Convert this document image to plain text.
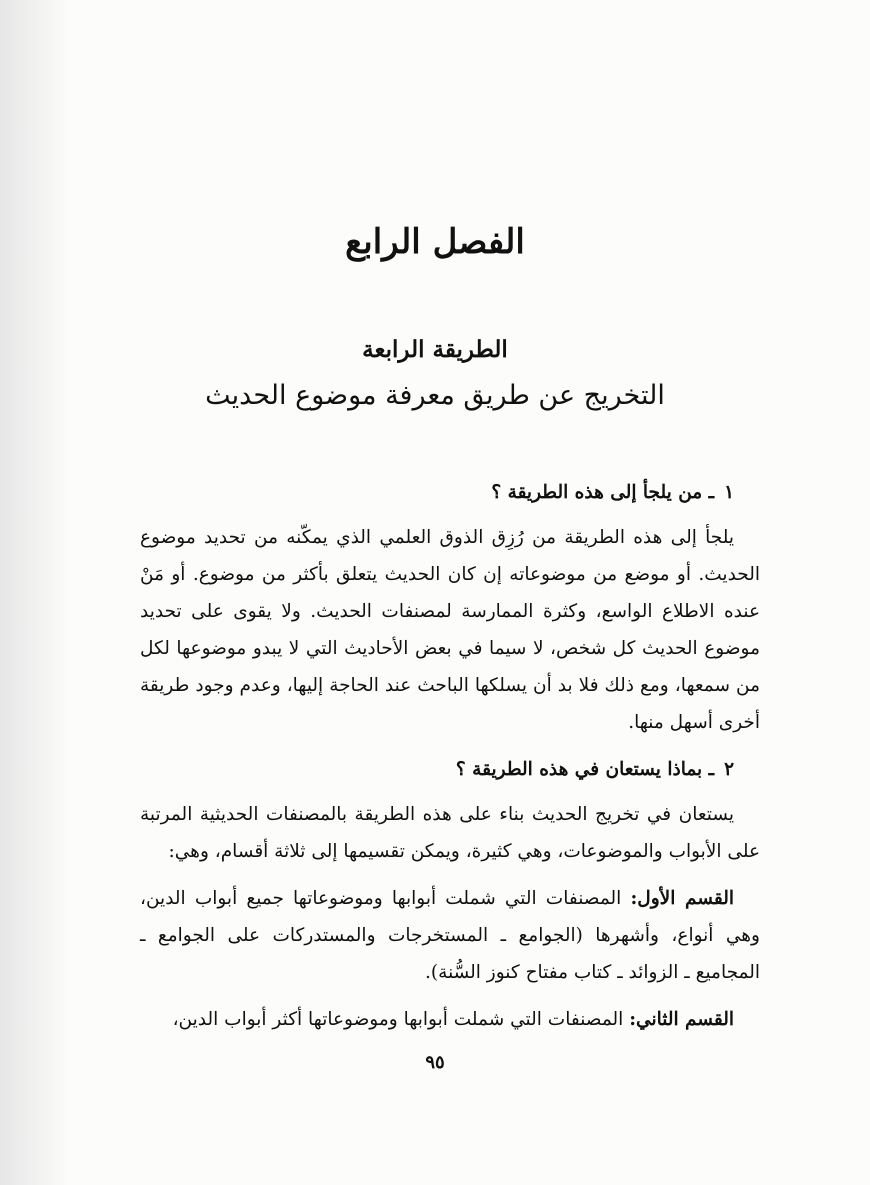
الفصل الرابع
الطريقة الرابعة
التخريج عن طريق معرفة موضوع الحديث
١ـ من يلجأ إلى هذه الطريقة ؟

يلجأ إلى هذه الطريقة من رُزِق الذوق العلمي الذي يمكّنه من تحديد موضوع الحديث. أو موضع من موضوعاته إن كان الحديث يتعلق بأكثر من موضوع. أو مَنْ عنده الاطلاع الواسع، وكثرة الممارسة لمصنفات الحديث. ولا يقوى على تحديد موضوع الحديث كل شخص، لا سيما في بعض الأحاديث التي لا يبدو موضوعها لكل من سمعها، ومع ذلك فلا بد أن يسلكها الباحث عند الحاجة إليها، وعدم وجود طريقة أخرى أسهل منها.

٢ـ بماذا يستعان في هذه الطريقة ؟

يستعان في تخريج الحديث بناء على هذه الطريقة بالمصنفات الحديثية المرتبة على الأبواب والموضوعات، وهي كثيرة، ويمكن تقسيمها إلى ثلاثة أقسام، وهي:

القسم الأول: المصنفات التي شملت أبوابها وموضوعاتها جميع أبواب الدين، وهي أنواع، وأشهرها (الجوامع ـ المستخرجات والمستدركات على الجوامع ـ المجاميع ـ الزوائد ـ كتاب مفتاح كنوز السُّنة).

القسم الثاني: المصنفات التي شملت أبوابها وموضوعاتها أكثر أبواب الدين،

٩٥
